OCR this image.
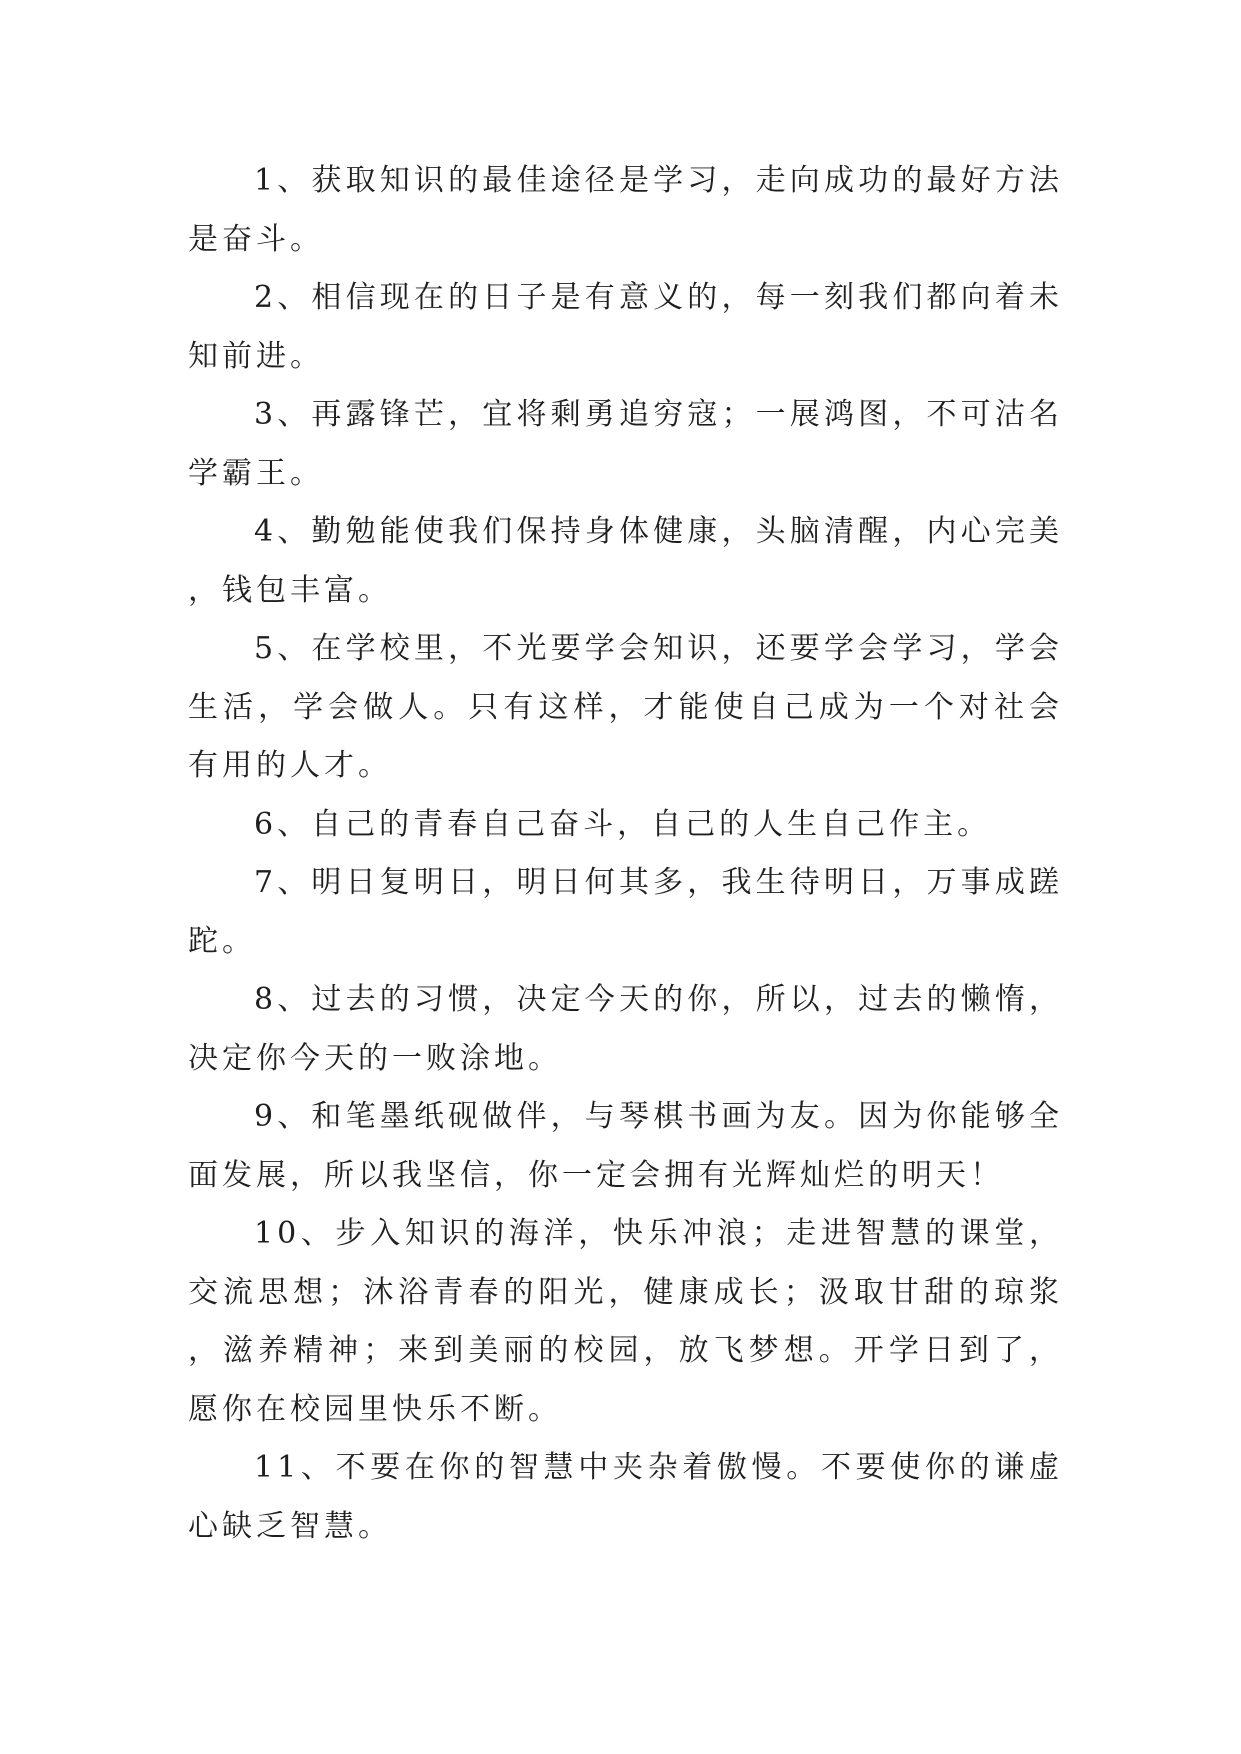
1、获取知识的最佳途径是学习，走向成功的最好方法是奋斗。

2、相信现在的日子是有意义的，每一刻我们都向着未知前进。

3、再露锋芒，宜将剩勇追穷寇；一展鸿图，不可沽名学霸王。

4、勤勉能使我们保持身体健康，头脑清醒，内心完美，钱包丰富。

5、在学校里，不光要学会知识，还要学会学习，学会生活，学会做人。只有这样，才能使自己成为一个对社会有用的人才。

6、自己的青春自己奋斗，自己的人生自己作主。

7、明日复明日，明日何其多，我生待明日，万事成蹉跎。

8、过去的习惯，决定今天的你，所以，过去的懒惰，决定你今天的一败涂地。

9、和笔墨纸砚做伴，与琴棋书画为友。因为你能够全面发展，所以我坚信，你一定会拥有光辉灿烂的明天！

10、步入知识的海洋，快乐冲浪；走进智慧的课堂，交流思想；沐浴青春的阳光，健康成长；汲取甘甜的琼浆，滋养精神；来到美丽的校园，放飞梦想。开学日到了，愿你在校园里快乐不断。

11、不要在你的智慧中夹杂着傲慢。不要使你的谦虚心缺乏智慧。
